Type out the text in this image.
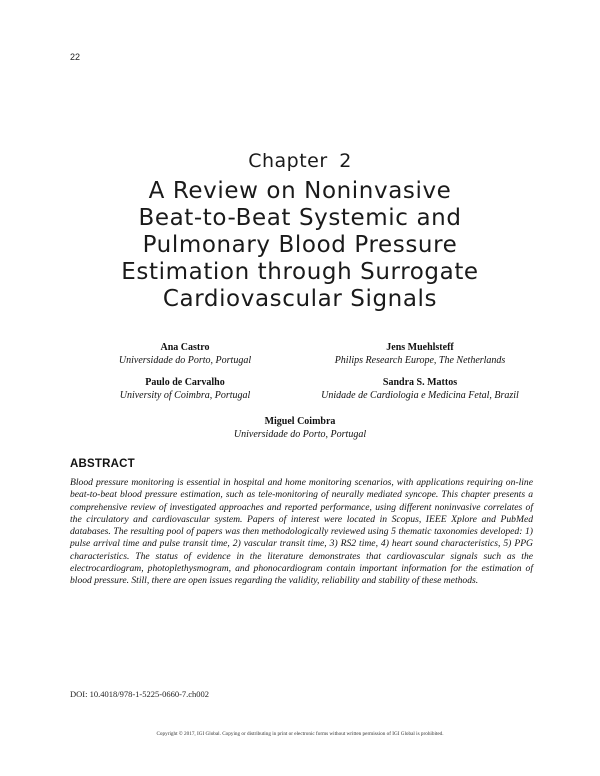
22
Chapter 2
A Review on Noninvasive
Beat-to-Beat Systemic and
Pulmonary Blood Pressure
Estimation through Surrogate
Cardiovascular Signals
Ana Castro
Universidade do Porto, Portugal
Jens Muehlsteff
Philips Research Europe, The Netherlands
Paulo de Carvalho
University of Coimbra, Portugal
Sandra S. Mattos
Unidade de Cardiologia e Medicina Fetal, Brazil
Miguel Coimbra
Universidade do Porto, Portugal
ABSTRACT

Blood pressure monitoring is essential in hospital and home monitoring scenarios, with applications requiring on-line beat-to-beat blood pressure estimation, such as tele-monitoring of neurally mediated syncope. This chapter presents a comprehensive review of investigated approaches and reported performance, using different noninvasive correlates of the circulatory and cardiovascular system. Papers of interest were located in Scopus, IEEE Xplore and PubMed databases. The resulting pool of papers was then methodologically reviewed using 5 thematic taxonomies developed: 1) pulse arrival time and pulse transit time, 2) vascular transit time, 3) RS2 time, 4) heart sound characteristics, 5) PPG characteristics. The status of evidence in the literature demonstrates that cardiovascular signals such as the electrocardiogram, photoplethysmogram, and phonocardiogram contain important information for the estimation of blood pressure. Still, there are open issues regarding the validity, reliability and stability of these methods.

DOI: 10.4018/978-1-5225-0660-7.ch002
Copyright © 2017, IGI Global. Copying or distributing in print or electronic forms without written permission of IGI Global is prohibited.
